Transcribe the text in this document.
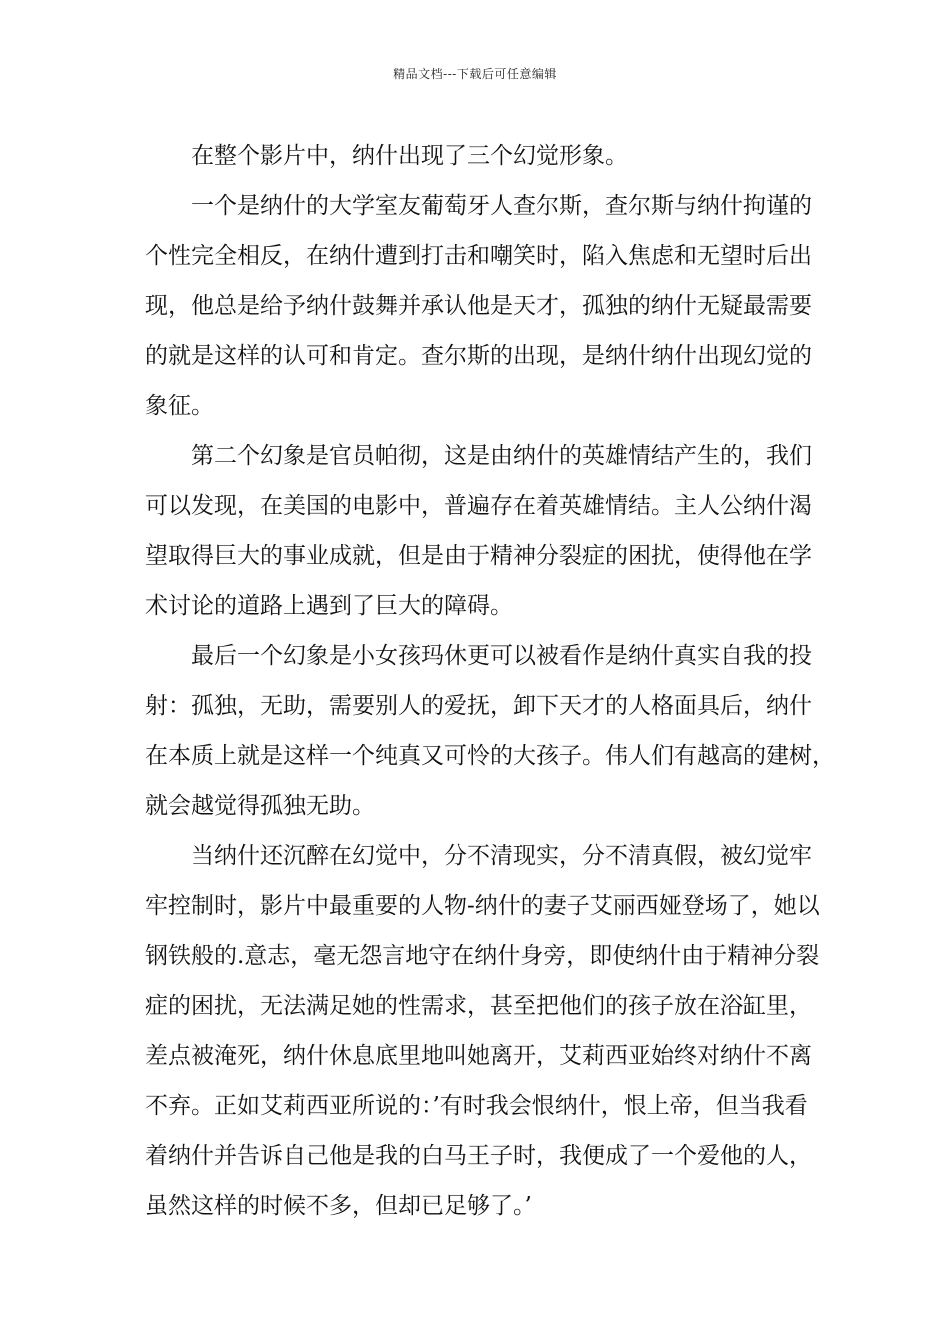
精品文档---下载后可任意编辑
在整个影片中，纳什出现了三个幻觉形象。
一个是纳什的大学室友葡萄牙人查尔斯，查尔斯与纳什拘谨的
个性完全相反，在纳什遭到打击和嘲笑时，陷入焦虑和无望时后出
现，他总是给予纳什鼓舞并承认他是天才，孤独的纳什无疑最需要
的就是这样的认可和肯定。查尔斯的出现，是纳什纳什出现幻觉的
象征。
第二个幻象是官员帕彻，这是由纳什的英雄情结产生的，我们
可以发现，在美国的电影中，普遍存在着英雄情结。主人公纳什渴
望取得巨大的事业成就，但是由于精神分裂症的困扰，使得他在学
术讨论的道路上遇到了巨大的障碍。
最后一个幻象是小女孩玛休更可以被看作是纳什真实自我的投
射：孤独，无助，需要别人的爱抚，卸下天才的人格面具后，纳什
在本质上就是这样一个纯真又可怜的大孩子。伟人们有越高的建树，
就会越觉得孤独无助。
当纳什还沉醉在幻觉中，分不清现实，分不清真假，被幻觉牢
牢控制时，影片中最重要的人物-纳什的妻子艾丽西娅登场了，她以
钢铁般的.意志，毫无怨言地守在纳什身旁，即使纳什由于精神分裂
症的困扰，无法满足她的性需求，甚至把他们的孩子放在浴缸里，
差点被淹死，纳什休息底里地叫她离开，艾莉西亚始终对纳什不离
不弃。正如艾莉西亚所说的：’有时我会恨纳什，恨上帝，但当我看
着纳什并告诉自己他是我的白马王子时，我便成了一个爱他的人，
虽然这样的时候不多，但却已足够了。’
